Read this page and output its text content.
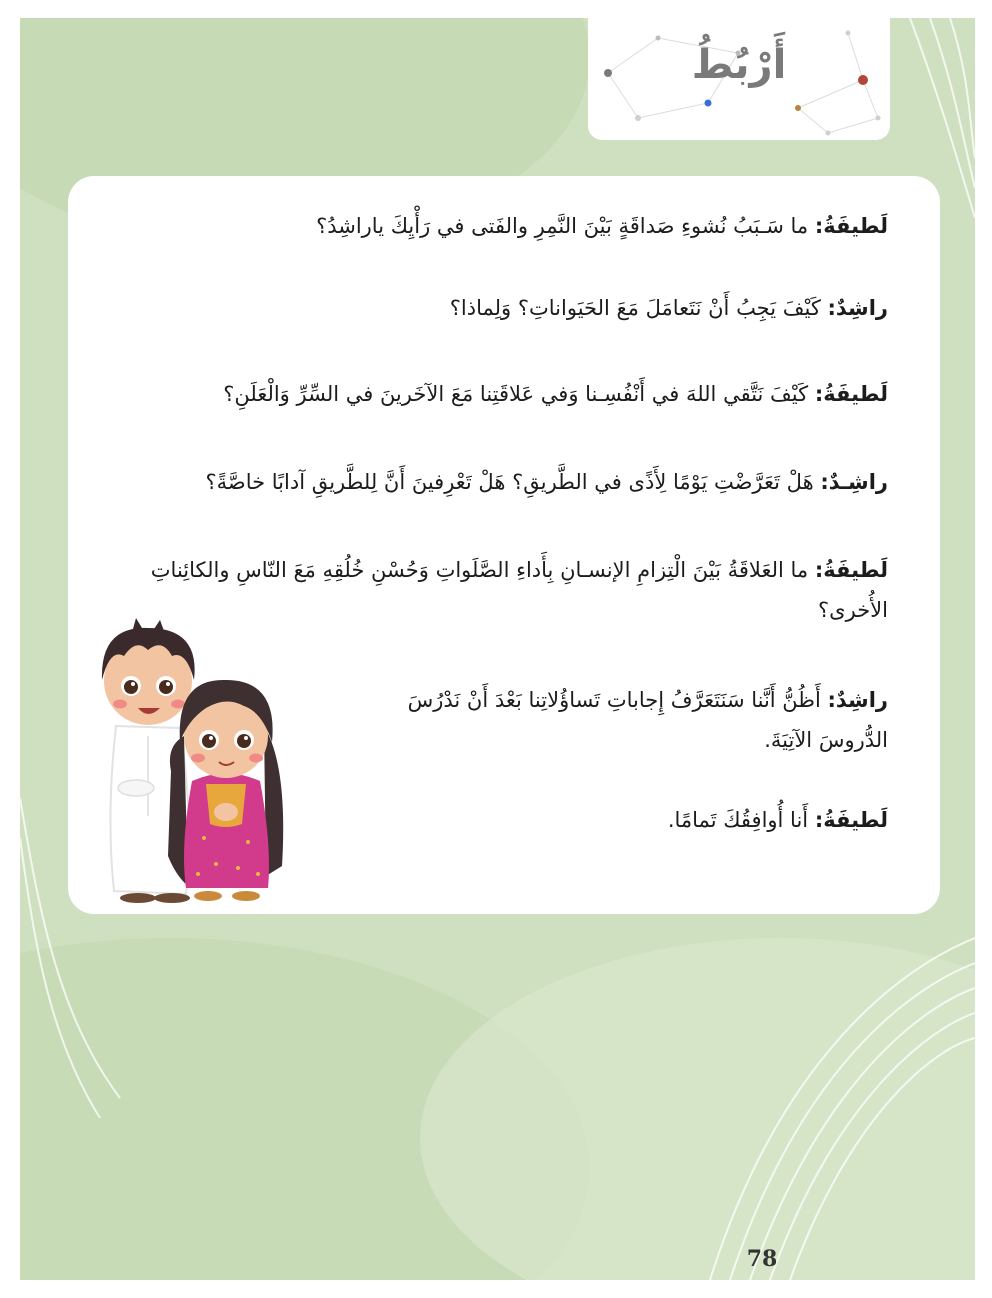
أَرْبُطُ
لَطيفَةُ: ما سَـبَبُ نُشوءِ صَداقَةٍ بَيْنَ النَّمِرِ والفَتى في رَأْيِكَ ياراشِدُ؟
راشِدٌ: كَيْفَ يَجِبُ أَنْ نَتَعامَلَ مَعَ الحَيَواناتِ؟ وَلِماذا؟
لَطيفَةُ: كَيْفَ نَتَّقي اللهَ في أَنْفُسِـنا وَفي عَلاقَتِنا مَعَ الآخَرينَ في السِّرِّ وَالْعَلَنِ؟
راشِـدٌ: هَلْ تَعَرَّضْتِ يَوْمًا لِأَذًى في الطَّريقِ؟ هَلْ تَعْرِفينَ أَنَّ لِلطَّريقِ آدابًا خاصَّةً؟
لَطيفَةُ: ما العَلاقَةُ بَيْنَ الْتِزامِ الإنسـانِ بِأَداءِ الصَّلَواتِ وَحُسْنِ خُلُقِهِ مَعَ النّاسِ والكائِناتِ الأُخرى؟
راشِدٌ: أَظُنُّ أَنَّنا سَنَتَعَرَّفُ إِجاباتِ تَساؤُلاتِنا بَعْدَ أَنْ نَدْرُسَ الدُّروسَ الآتِيَةَ.
لَطيفَةُ: أَنا أُوافِقُكَ تَمامًا.
78
